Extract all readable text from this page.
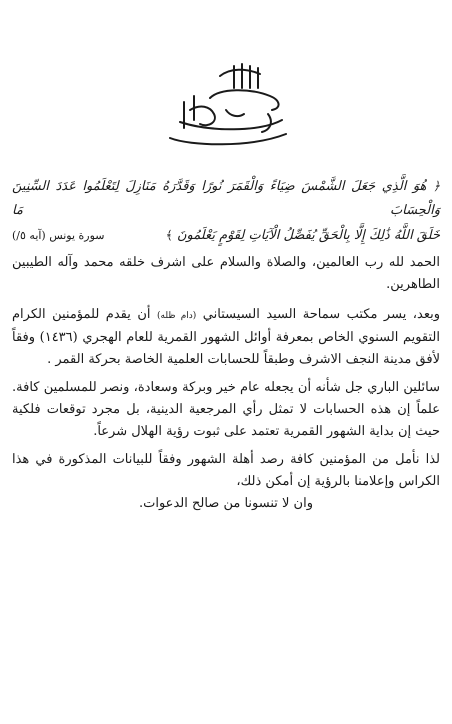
﴿ هُوَ الَّذِي جَعَلَ الشَّمْسَ ضِيَاءً وَالْقَمَرَ نُورًا وَقَدَّرَهُ مَنَازِلَ لِتَعْلَمُوا عَدَدَ السِّنِينَ وَالْحِسَابَ مَا
خَلَقَ اللَّهُ ذَٰلِكَ إِلَّا بِالْحَقِّ يُفَصِّلُ الْآيَاتِ لِقَوْمٍ يَعْلَمُونَ ﴾
سورة يونس (آيه ٥/)

الحمد لله رب العالمين، والصلاة والسلام على اشرف خلقه محمد وآله الطيبين الطاهرين.

وبعد، يسر مكتب سماحة السيد السيستاني (دام ظله) أن يقدم للمؤمنين الكرام التقويم السنوي الخاص بمعرفة أوائل الشهور القمرية للعام الهجري (١٤٣٦) وفقاً لأفق مدينة النجف الاشرف وطبقاً للحسابات العلمية الخاصة بحركة القمر .

سائلين الباري جل شأنه أن يجعله عام خير وبركة وسعادة، ونصر للمسلمين كافة. علماً إن هذه الحسابات لا تمثل رأي المرجعية الدينية، بل مجرد توقعات فلكية حيث إن بداية الشهور القمرية تعتمد على ثبوت رؤية الهلال شرعاً.

لذا نأمل من المؤمنين كافة رصد أهلة الشهور وفقاً للبيانات المذكورة في هذا الكراس وإعلامنا بالرؤية إن أمكن ذلك،

وان لا تنسونا من صالح الدعوات.
